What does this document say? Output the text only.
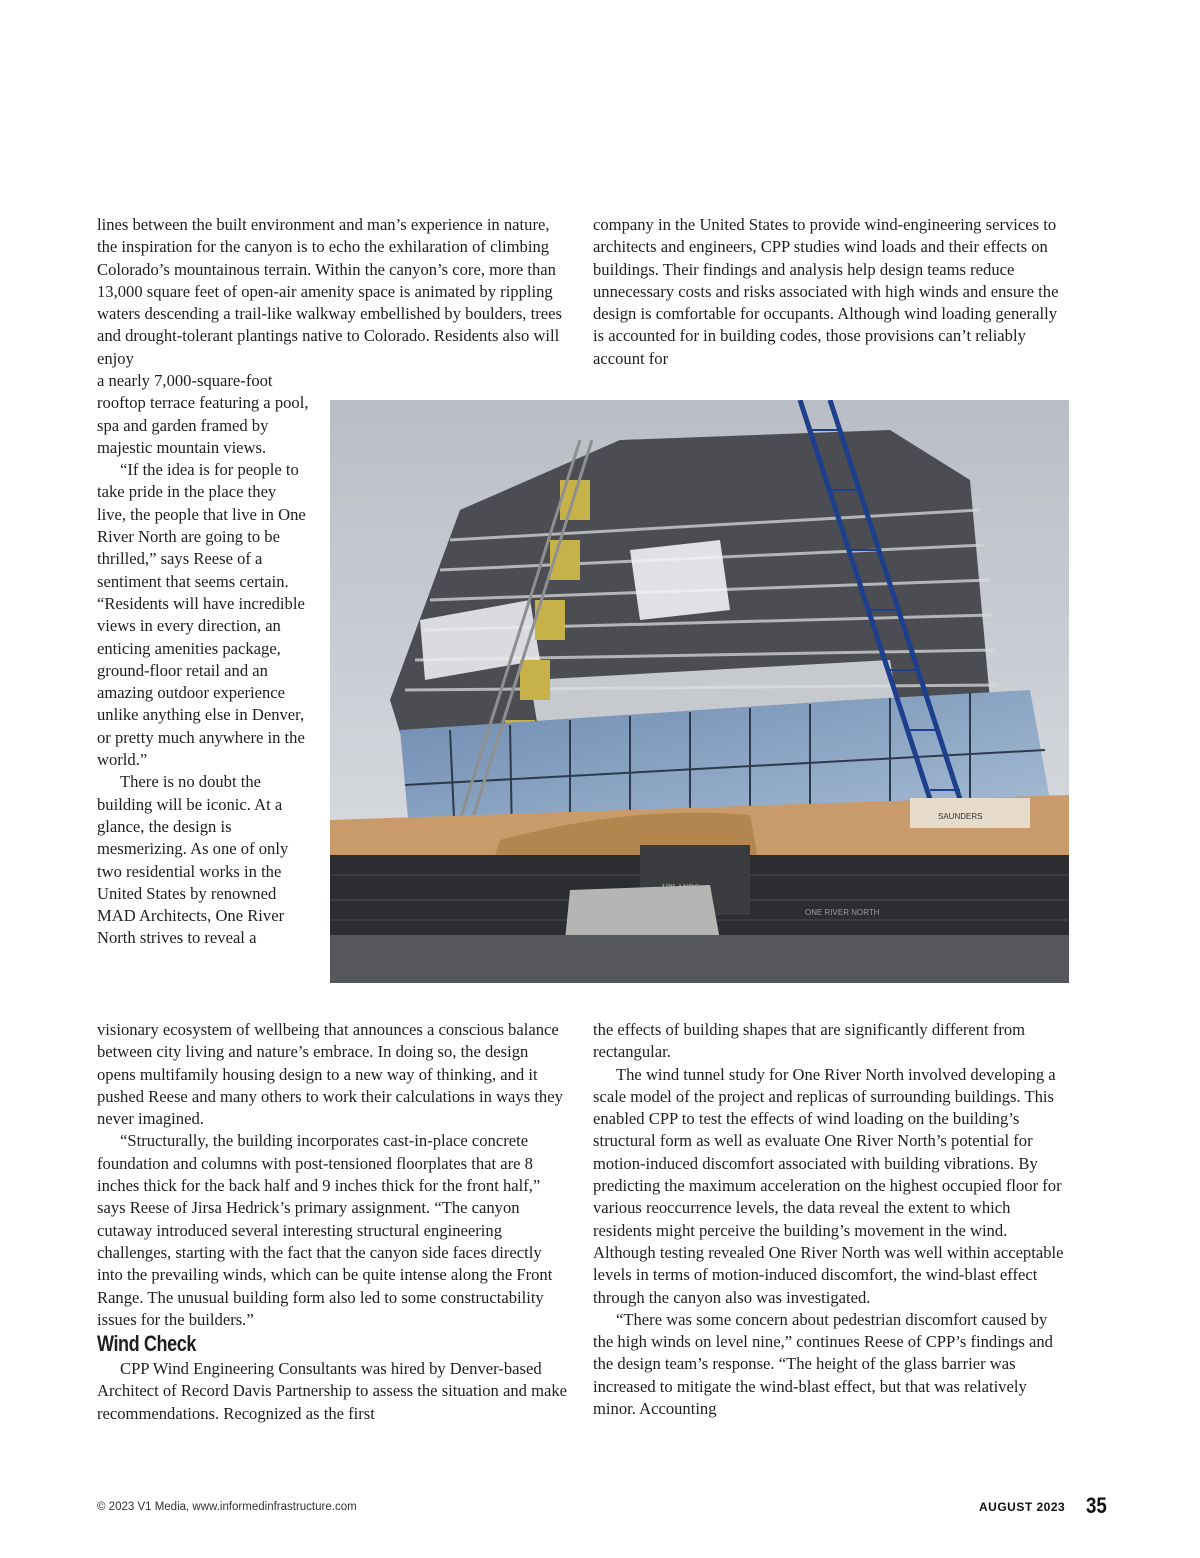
lines between the built environment and man’s experience in nature, the inspiration for the canyon is to echo the exhilaration of climbing Colorado’s mountainous terrain. Within the canyon’s core, more than 13,000 square feet of open-air amenity space is animated by rippling waters descending a trail-like walkway embellished by boulders, trees and drought-tolerant plantings native to Colorado. Residents also will enjoy

a nearly 7,000-square-foot rooftop terrace featuring a pool, spa and garden framed by majestic mountain views.

“If the idea is for people to take pride in the place they live, the people that live in One River North are going to be thrilled,” says Reese of a sentiment that seems certain. “Residents will have incredible views in every direction, an enticing amenities package, ground-floor retail and an amazing outdoor experience unlike anything else in Denver, or pretty much anywhere in the world.”

There is no doubt the building will be iconic. At a glance, the design is mesmerizing. As one of only two residential works in the United States by renowned MAD Architects, One River North strives to reveal a

SAUNDERS
ONE RIVER NORTH

visionary ecosystem of wellbeing that announces a conscious balance between city living and nature’s embrace. In doing so, the design opens multifamily housing design to a new way of thinking, and it pushed Reese and many others to work their calculations in ways they never imagined.

“Structurally, the building incorporates cast-in-place concrete foundation and columns with post-tensioned floorplates that are 8 inches thick for the back half and 9 inches thick for the front half,” says Reese of Jirsa Hedrick’s primary assignment. “The canyon cutaway introduced several interesting structural engineering challenges, starting with the fact that the canyon side faces directly into the prevailing winds, which can be quite intense along the Front Range. The unusual building form also led to some constructability issues for the builders.”

Wind Check

CPP Wind Engineering Consultants was hired by Denver-based Architect of Record Davis Partnership to assess the situation and make recommendations. Recognized as the first

company in the United States to provide wind-engineering services to architects and engineers, CPP studies wind loads and their effects on buildings. Their findings and analysis help design teams reduce unnecessary costs and risks associated with high winds and ensure the design is comfortable for occupants. Although wind loading generally is accounted for in building codes, those provisions can’t reliably account for

the effects of building shapes that are significantly different from rectangular.

The wind tunnel study for One River North involved developing a scale model of the project and replicas of surrounding buildings. This enabled CPP to test the effects of wind loading on the building’s structural form as well as evaluate One River North’s potential for motion-induced discomfort associated with building vibrations. By predicting the maximum acceleration on the highest occupied floor for various reoccurrence levels, the data reveal the extent to which residents might perceive the building’s movement in the wind. Although testing revealed One River North was well within acceptable levels in terms of motion-induced discomfort, the wind-blast effect through the canyon also was investigated.

“There was some concern about pedestrian discomfort caused by the high winds on level nine,” continues Reese of CPP’s findings and the design team’s response. “The height of the glass barrier was increased to mitigate the wind-blast effect, but that was relatively minor. Accounting

© 2023 V1 Media, www.informedinfrastructure.com	AUGUST 2023 35
